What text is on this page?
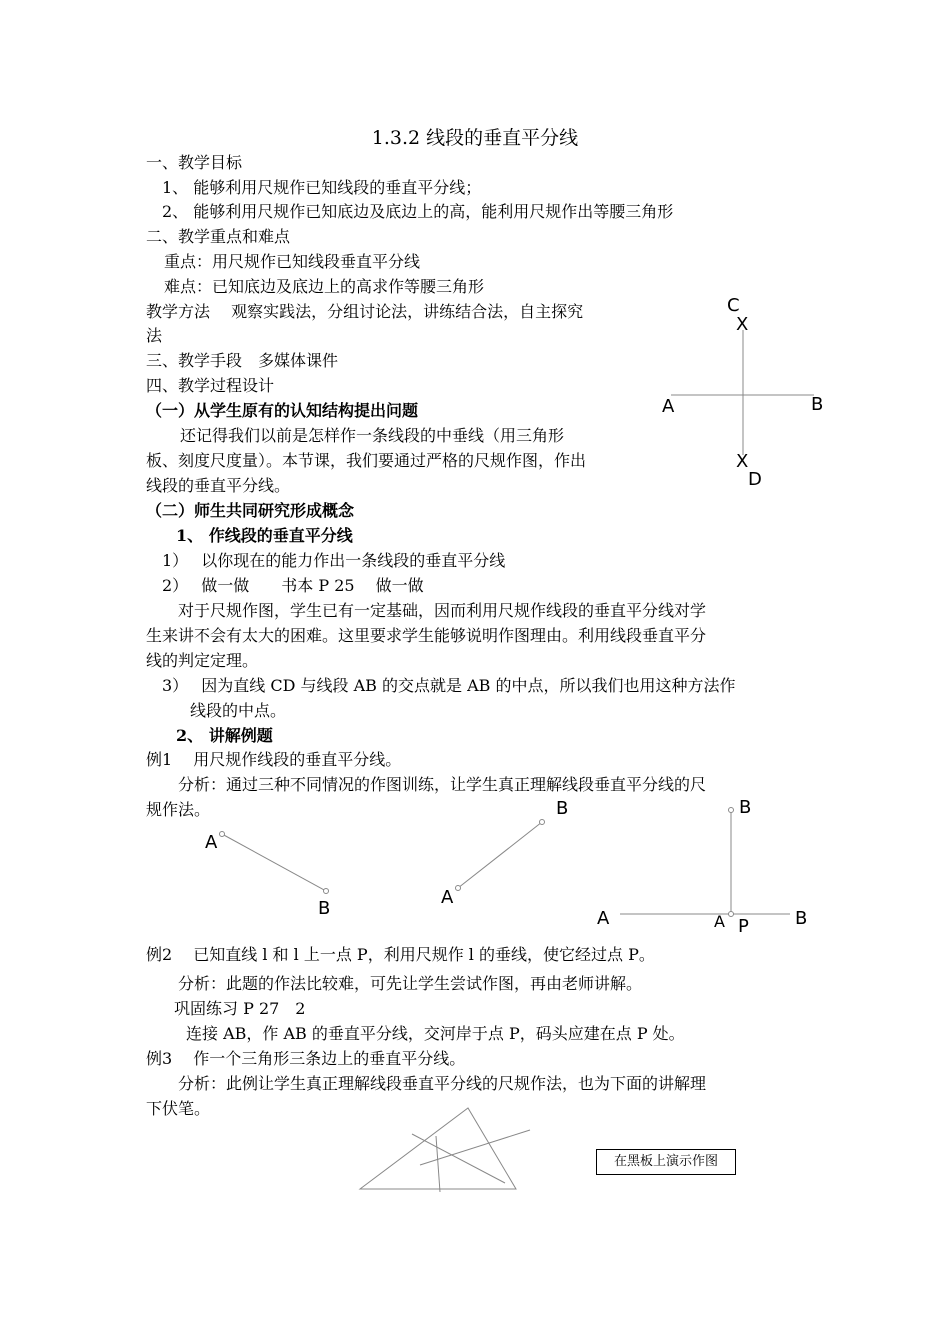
1.3.2 线段的垂直平分线
一、教学目标
1、 能够利用尺规作已知线段的垂直平分线；
2、 能够利用尺规作已知底边及底边上的高，能利用尺规作出等腰三角形
二、教学重点和难点
重点：用尺规作已知线段垂直平分线
难点：已知底边及底边上的高求作等腰三角形
教学方法　 观察实践法，分组讨论法，讲练结合法，自主探究
法
三、教学手段　多媒体课件
四、教学过程设计
（一）从学生原有的认知结构提出问题
还记得我们以前是怎样作一条线段的中垂线（用三角形
板、刻度尺度量）。本节课，我们要通过严格的尺规作图，作出
线段的垂直平分线。
（二）师生共同研究形成概念
1、 作线段的垂直平分线
1）　 以你现在的能力作出一条线段的垂直平分线
2）　 做一做　　书本 P 25　 做一做
对于尺规作图，学生已有一定基础，因而利用尺规作线段的垂直平分线对学
生来讲不会有太大的困难。这里要求学生能够说明作图理由。利用线段垂直平分
线的判定定理。
3）　 因为直线 CD 与线段 AB 的交点就是 AB 的中点，所以我们也用这种方法作
线段的中点。
2、 讲解例题
例1　 用尺规作线段的垂直平分线。
分析：通过三种不同情况的作图训练，让学生真正理解线段垂直平分线的尺
规作法。
例2　 已知直线 l 和 l 上一点 P，利用尺规作 l 的垂线，使它经过点 P。
分析：此题的作法比较难，可先让学生尝试作图，再由老师讲解。
巩固练习 P 27　2
连接 AB，作 AB 的垂直平分线，交河岸于点 P，码头应建在点 P 处。
例3　 作一个三角形三条边上的垂直平分线。
分析：此例让学生真正理解线段垂直平分线的尺规作法，也为下面的讲解理
下伏笔。
C
X
A	B
X
D
A
B
A
B	B
A	A P	B
在黑板上演示作图
